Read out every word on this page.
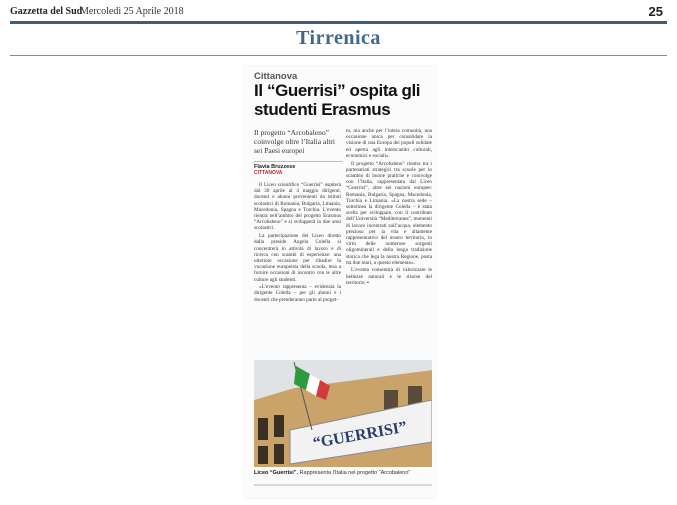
Gazzetta del Sud
Mercoledì 25 Aprile 2018	25
Tirrenica
Cittanova
Il “Guerrisi” ospita gli studenti Erasmus
Il progetto “Arcobaleno” coinvolge oltre l’Italia altri sei Paesi europei
Flavia Bruzzese
CITTANOVA

Il Liceo scientifico “Guerrisi” ospiterà dal 30 aprile al 4 maggio dirigenti, docenti e alunni provenienti da istituti scolastici di Romania, Bulgaria, Lituania, Macedonia, Spagna e Turchia. L’evento rientra nell’ambito del progetto Erasmus “Arcobaleno” e si svilupperà in due anni scolastici.

La partecipazione del Liceo diretto dalla preside Angela Colella si concentrerà in attività di lavoro e di ricerca con scambi di esperienze: una ulteriore occasione per ribadire la vocazione europeista della scuola, tesa a fornire occasioni di incontro con le altre culture agli studenti.

«L’evento rappresenta – evidenzia la dirigente Colella – per gli alunni e i docenti che prenderanno parte al proget-

to, ma anche per l’intera comunità, una occasione unica per consolidare la visione di una Europa dei popoli solidale ed aperta agli interscambi culturali, economici e sociali».

Il progetto “Arcobaleno” rientra tra i partenariati strategici tra scuole per lo scambio di buone pratiche e coinvolge con l’Italia, rappresentata dal Liceo “Guerrisi”, altre sei nazioni europee: Romania, Bulgaria, Spagna, Macedonia, Turchia e Lituania. «La nostra sede – sottolinea la dirigente Colella – è stata scelta per sviluppare, con il contributo dell’Università “Mediterranea”, momenti di lavoro incentrati sull’acqua, elemento prezioso per la vita e altamente rappresentativo del nostro territorio, in virtù delle numerose sorgenti oligominerali e della lunga tradizione storica che lega la nostra Regione, posta tra due mari, a questo elemento».

L’evento consentirà di valorizzare le bellezze naturali e le risorse del territorio. ▪

“GUERRISI”
Liceo “Guerrisi”. Rappresenta l’Italia nel progetto “Arcobaleno”
